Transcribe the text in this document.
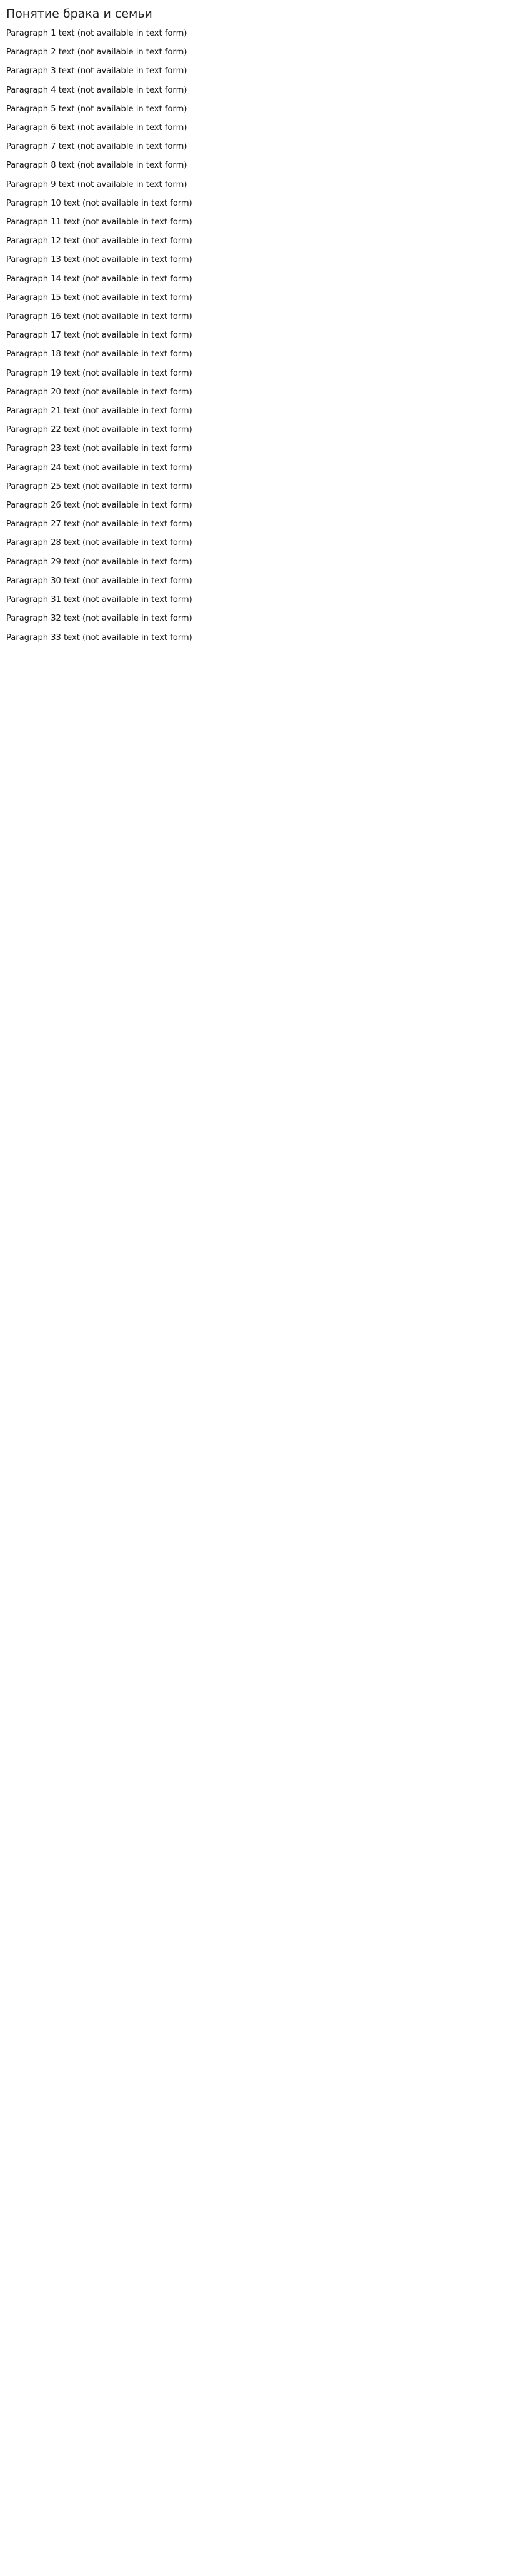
Понятие брака и семьи

Paragraph 1 text (not available in text form)

Paragraph 2 text (not available in text form)

Paragraph 3 text (not available in text form)

Paragraph 4 text (not available in text form)

Paragraph 5 text (not available in text form)

Paragraph 6 text (not available in text form)

Paragraph 7 text (not available in text form)

Paragraph 8 text (not available in text form)

Paragraph 9 text (not available in text form)

Paragraph 10 text (not available in text form)

Paragraph 11 text (not available in text form)

Paragraph 12 text (not available in text form)

Paragraph 13 text (not available in text form)

Paragraph 14 text (not available in text form)

Paragraph 15 text (not available in text form)

Paragraph 16 text (not available in text form)

Paragraph 17 text (not available in text form)

Paragraph 18 text (not available in text form)

Paragraph 19 text (not available in text form)

Paragraph 20 text (not available in text form)

Paragraph 21 text (not available in text form)

Paragraph 22 text (not available in text form)

Paragraph 23 text (not available in text form)

Paragraph 24 text (not available in text form)

Paragraph 25 text (not available in text form)

Paragraph 26 text (not available in text form)

Paragraph 27 text (not available in text form)

Paragraph 28 text (not available in text form)

Paragraph 29 text (not available in text form)

Paragraph 30 text (not available in text form)

Paragraph 31 text (not available in text form)

Paragraph 32 text (not available in text form)

Paragraph 33 text (not available in text form)
